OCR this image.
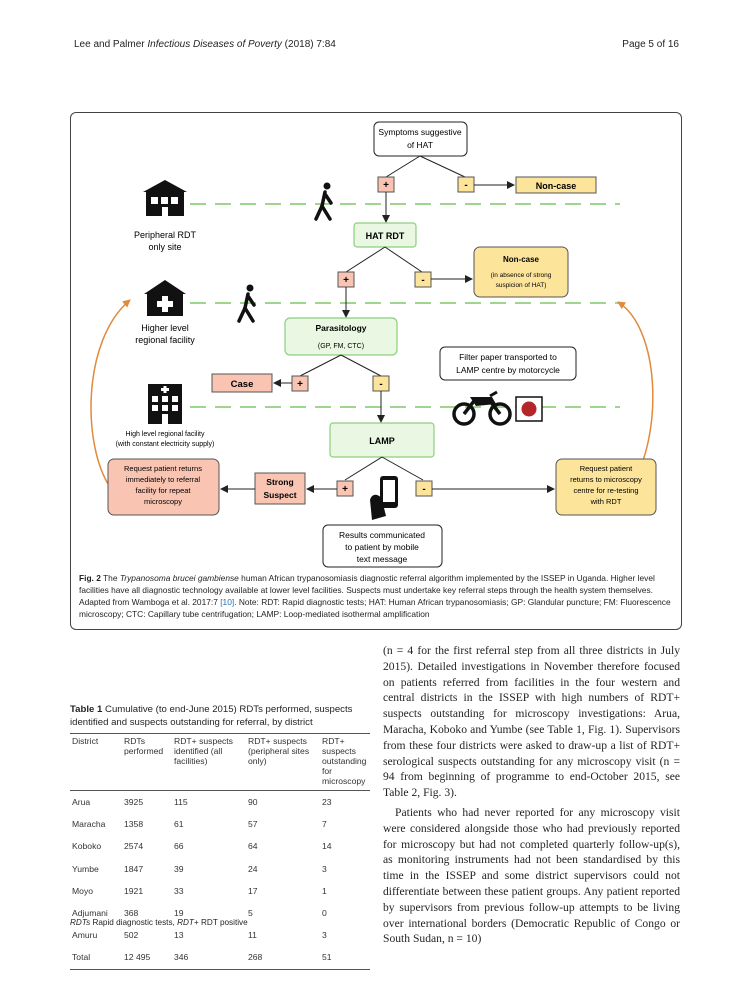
Lee and Palmer Infectious Diseases of Poverty (2018) 7:84	Page 5 of 16
Symptoms suggestive
of HAT
+	-	Non-case
Peripheral RDT
only site
HAT RDT
+	-
Non-case
(in absence of strong
suspicion of HAT)
Higher level
regional facility
Parasitology
(GP, FM, CTC)
Filter paper transported to
LAMP centre by motorcycle
+	-
Case
High level regional facility
(with constant electricity supply)	LAMP
+	-
Strong
Suspect
Request patient returns
immediately to referral
facility for repeat
microscopy
Request patient
returns to microscopy
centre for re-testing
with RDT
Results communicated
to patient by mobile
text message
Fig. 2 The Trypanosoma brucei gambiense human African trypanosomiasis diagnostic referral algorithm implemented by the ISSEP in Uganda. Higher level facilities have all diagnostic technology available at lower level facilities. Suspects must undertake key referral steps through the health system themselves. Adapted from Wamboga et al. 2017:7 [10]. Note: RDT: Rapid diagnostic tests; HAT: Human African trypanosomiasis; GP: Glandular puncture; FM: Fluorescence microscopy; CTC: Capillary tube centrifugation; LAMP: Loop-mediated isothermal amplification

(n = 4 for the first referral step from all three districts in July 2015). Detailed investigations in November therefore focused on patients referred from facilities in the four western and central districts in the ISSEP with high numbers of RDT+ suspects outstanding for microscopy investigations: Arua, Maracha, Koboko and Yumbe (see Table 1, Fig. 1). Supervisors from these four districts were asked to draw-up a list of RDT+ serological suspects outstanding for any microscopy visit (n = 94 from beginning of programme to end-October 2015, see Table 2, Fig. 3).

Patients who had never reported for any microscopy visit were considered alongside those who had previously reported for microscopy but had not completed quarterly follow-up(s), as monitoring instruments had not been standardised by this time in the ISSEP and some district supervisors could not differentiate between these patient groups. Any patient reported by supervisors from previous follow-up attempts to be living over international borders (Democratic Republic of Congo or South Sudan, n = 10)

Table 1 Cumulative (to end-June 2015) RDTs performed, suspects identified and suspects outstanding for referral, by district
District	RDTs performed	RDT+ suspects identified (all facilities)	RDT+ suspects (peripheral sites only)	RDT+ suspects outstanding for microscopy
Arua	3925	115	90	23
Maracha	1358	61	57	7
Koboko	2574	66	64	14
Yumbe	1847	39	24	3
Moyo	1921	33	17	1
Adjumani	368	19	5	0
Amuru	502	13	11	3
Total	12 495	346	268	51
RDTs Rapid diagnostic tests, RDT+ RDT positive
